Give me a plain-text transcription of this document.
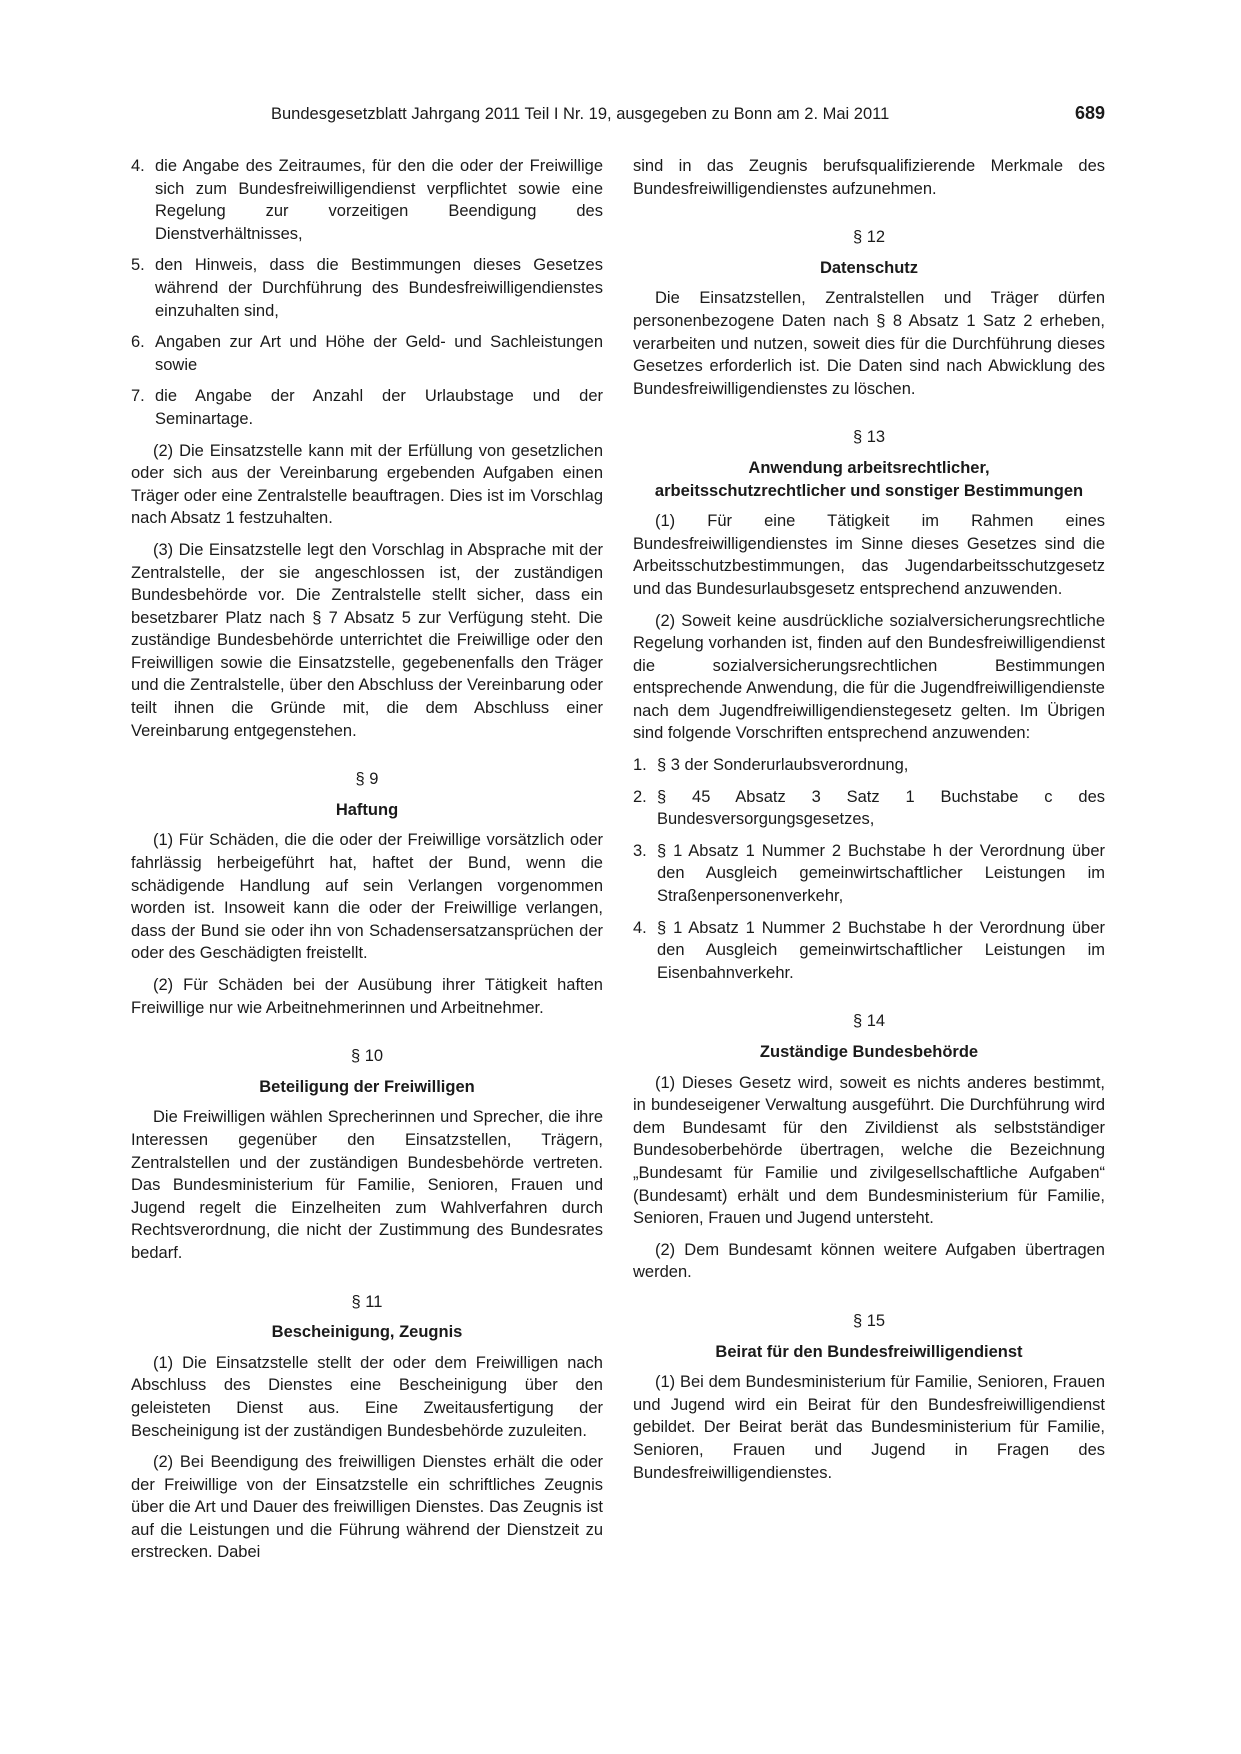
Bundesgesetzblatt Jahrgang 2011 Teil I Nr. 19, ausgegeben zu Bonn am 2. Mai 2011	689
4. die Angabe des Zeitraumes, für den die oder der Freiwillige sich zum Bundesfreiwilligendienst verpflichtet sowie eine Regelung zur vorzeitigen Beendigung des Dienstverhältnisses,
5. den Hinweis, dass die Bestimmungen dieses Gesetzes während der Durchführung des Bundesfreiwilligendienstes einzuhalten sind,
6. Angaben zur Art und Höhe der Geld- und Sachleistungen sowie
7. die Angabe der Anzahl der Urlaubstage und der Seminartage.

(2) Die Einsatzstelle kann mit der Erfüllung von gesetzlichen oder sich aus der Vereinbarung ergebenden Aufgaben einen Träger oder eine Zentralstelle beauftragen. Dies ist im Vorschlag nach Absatz 1 festzuhalten.

(3) Die Einsatzstelle legt den Vorschlag in Absprache mit der Zentralstelle, der sie angeschlossen ist, der zuständigen Bundesbehörde vor. Die Zentralstelle stellt sicher, dass ein besetzbarer Platz nach § 7 Absatz 5 zur Verfügung steht. Die zuständige Bundesbehörde unterrichtet die Freiwillige oder den Freiwilligen sowie die Einsatzstelle, gegebenenfalls den Träger und die Zentralstelle, über den Abschluss der Vereinbarung oder teilt ihnen die Gründe mit, die dem Abschluss einer Vereinbarung entgegenstehen.

§ 9
Haftung

(1) Für Schäden, die die oder der Freiwillige vorsätzlich oder fahrlässig herbeigeführt hat, haftet der Bund, wenn die schädigende Handlung auf sein Verlangen vorgenommen worden ist. Insoweit kann die oder der Freiwillige verlangen, dass der Bund sie oder ihn von Schadensersatzansprüchen der oder des Geschädigten freistellt.

(2) Für Schäden bei der Ausübung ihrer Tätigkeit haften Freiwillige nur wie Arbeitnehmerinnen und Arbeitnehmer.

§ 10
Beteiligung der Freiwilligen

Die Freiwilligen wählen Sprecherinnen und Sprecher, die ihre Interessen gegenüber den Einsatzstellen, Trägern, Zentralstellen und der zuständigen Bundesbehörde vertreten. Das Bundesministerium für Familie, Senioren, Frauen und Jugend regelt die Einzelheiten zum Wahlverfahren durch Rechtsverordnung, die nicht der Zustimmung des Bundesrates bedarf.

§ 11
Bescheinigung, Zeugnis

(1) Die Einsatzstelle stellt der oder dem Freiwilligen nach Abschluss des Dienstes eine Bescheinigung über den geleisteten Dienst aus. Eine Zweitausfertigung der Bescheinigung ist der zuständigen Bundesbehörde zuzuleiten.

(2) Bei Beendigung des freiwilligen Dienstes erhält die oder der Freiwillige von der Einsatzstelle ein schriftliches Zeugnis über die Art und Dauer des freiwilligen Dienstes. Das Zeugnis ist auf die Leistungen und die Führung während der Dienstzeit zu erstrecken. Dabei

sind in das Zeugnis berufsqualifizierende Merkmale des Bundesfreiwilligendienstes aufzunehmen.

§ 12
Datenschutz

Die Einsatzstellen, Zentralstellen und Träger dürfen personenbezogene Daten nach § 8 Absatz 1 Satz 2 erheben, verarbeiten und nutzen, soweit dies für die Durchführung dieses Gesetzes erforderlich ist. Die Daten sind nach Abwicklung des Bundesfreiwilligendienstes zu löschen.

§ 13
Anwendung arbeitsrechtlicher,
arbeitsschutzrechtlicher und sonstiger Bestimmungen

(1) Für eine Tätigkeit im Rahmen eines Bundesfreiwilligendienstes im Sinne dieses Gesetzes sind die Arbeitsschutzbestimmungen, das Jugendarbeitsschutzgesetz und das Bundesurlaubsgesetz entsprechend anzuwenden.

(2) Soweit keine ausdrückliche sozialversicherungsrechtliche Regelung vorhanden ist, finden auf den Bundesfreiwilligendienst die sozialversicherungsrechtlichen Bestimmungen entsprechende Anwendung, die für die Jugendfreiwilligendienste nach dem Jugendfreiwilligendienstegesetz gelten. Im Übrigen sind folgende Vorschriften entsprechend anzuwenden:

1. § 3 der Sonderurlaubsverordnung,
2. § 45 Absatz 3 Satz 1 Buchstabe c des Bundesversorgungsgesetzes,
3. § 1 Absatz 1 Nummer 2 Buchstabe h der Verordnung über den Ausgleich gemeinwirtschaftlicher Leistungen im Straßenpersonenverkehr,
4. § 1 Absatz 1 Nummer 2 Buchstabe h der Verordnung über den Ausgleich gemeinwirtschaftlicher Leistungen im Eisenbahnverkehr.
§ 14
Zuständige Bundesbehörde

(1) Dieses Gesetz wird, soweit es nichts anderes bestimmt, in bundeseigener Verwaltung ausgeführt. Die Durchführung wird dem Bundesamt für den Zivildienst als selbstständiger Bundesoberbehörde übertragen, welche die Bezeichnung „Bundesamt für Familie und zivilgesellschaftliche Aufgaben“ (Bundesamt) erhält und dem Bundesministerium für Familie, Senioren, Frauen und Jugend untersteht.

(2) Dem Bundesamt können weitere Aufgaben übertragen werden.

§ 15
Beirat für den Bundesfreiwilligendienst

(1) Bei dem Bundesministerium für Familie, Senioren, Frauen und Jugend wird ein Beirat für den Bundesfreiwilligendienst gebildet. Der Beirat berät das Bundesministerium für Familie, Senioren, Frauen und Jugend in Fragen des Bundesfreiwilligendienstes.
